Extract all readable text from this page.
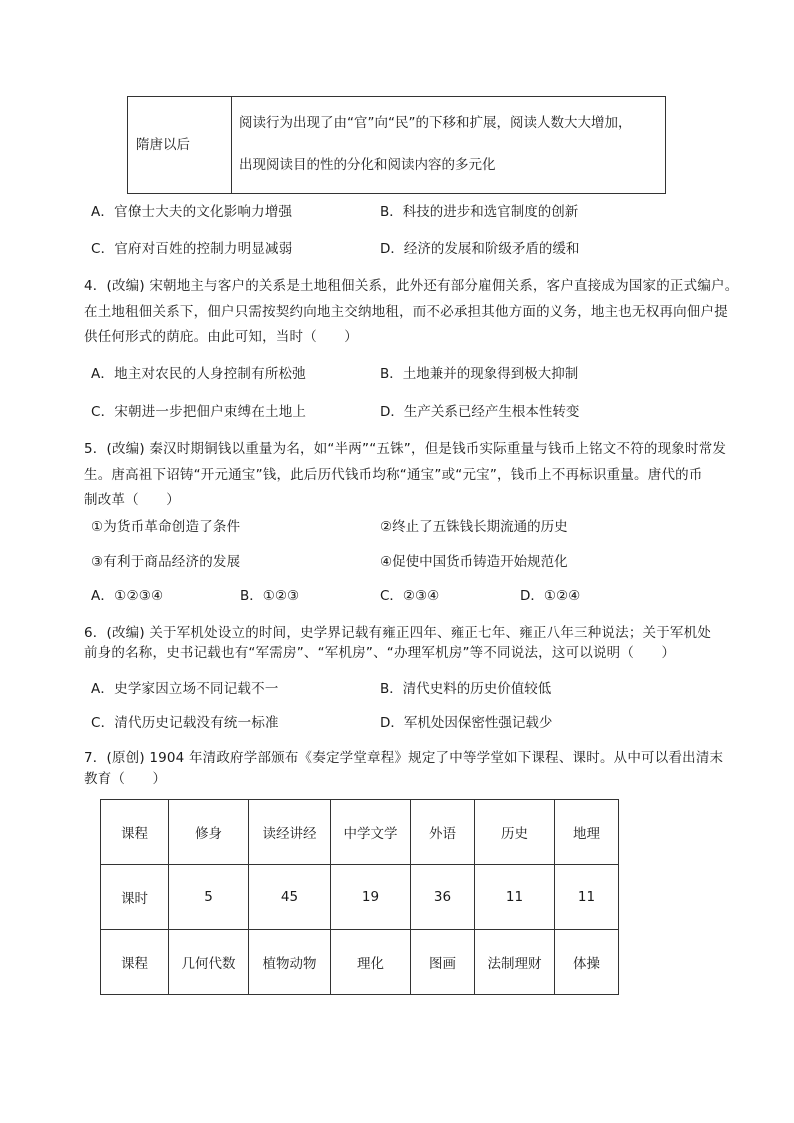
隋唐以后
阅读行为出现了由“官”向“民”的下移和扩展，阅读人数大大增加，
出现阅读目的性的分化和阅读内容的多元化
A．官僚士大夫的文化影响力增强	B．科技的进步和选官制度的创新
C．官府对百姓的控制力明显减弱	D．经济的发展和阶级矛盾的缓和
4．(改编) 宋朝地主与客户的关系是土地租佃关系，此外还有部分雇佣关系，客户直接成为国家的正式编户。
在土地租佃关系下，佃户只需按契约向地主交纳地租，而不必承担其他方面的义务，地主也无权再向佃户提
供任何形式的荫庇。由此可知，当时（　　）
A．地主对农民的人身控制有所松弛	B．土地兼并的现象得到极大抑制
C．宋朝进一步把佃户束缚在土地上	D．生产关系已经产生根本性转变
5．(改编) 秦汉时期铜钱以重量为名，如“半两”“五铢”，但是钱币实际重量与钱币上铭文不符的现象时常发
生。唐高祖下诏铸“开元通宝”钱，此后历代钱币均称“通宝”或“元宝”，钱币上不再标识重量。唐代的币
制改革（　　）
①为货币革命创造了条件	②终止了五铢钱长期流通的历史
③有利于商品经济的发展	④促使中国货币铸造开始规范化
A．①②③④	B．①②③	C．②③④	D．①②④
6．(改编) 关于军机处设立的时间，史学界记载有雍正四年、雍正七年、雍正八年三种说法；关于军机处
前身的名称，史书记载也有“军需房”、“军机房”、“办理军机房”等不同说法，这可以说明（　　）
A．史学家因立场不同记载不一	B．清代史料的历史价值较低
C．清代历史记载没有统一标准	D．军机处因保密性强记载少
7．(原创) 1904 年清政府学部颁布《奏定学堂章程》规定了中等学堂如下课程、课时。从中可以看出清末
教育（　　）
课程	修身	读经讲经	中学文学	外语	历史	地理
课时	5	45	19	36	11	11
课程	几何代数	植物动物	理化	图画	法制理财	体操
